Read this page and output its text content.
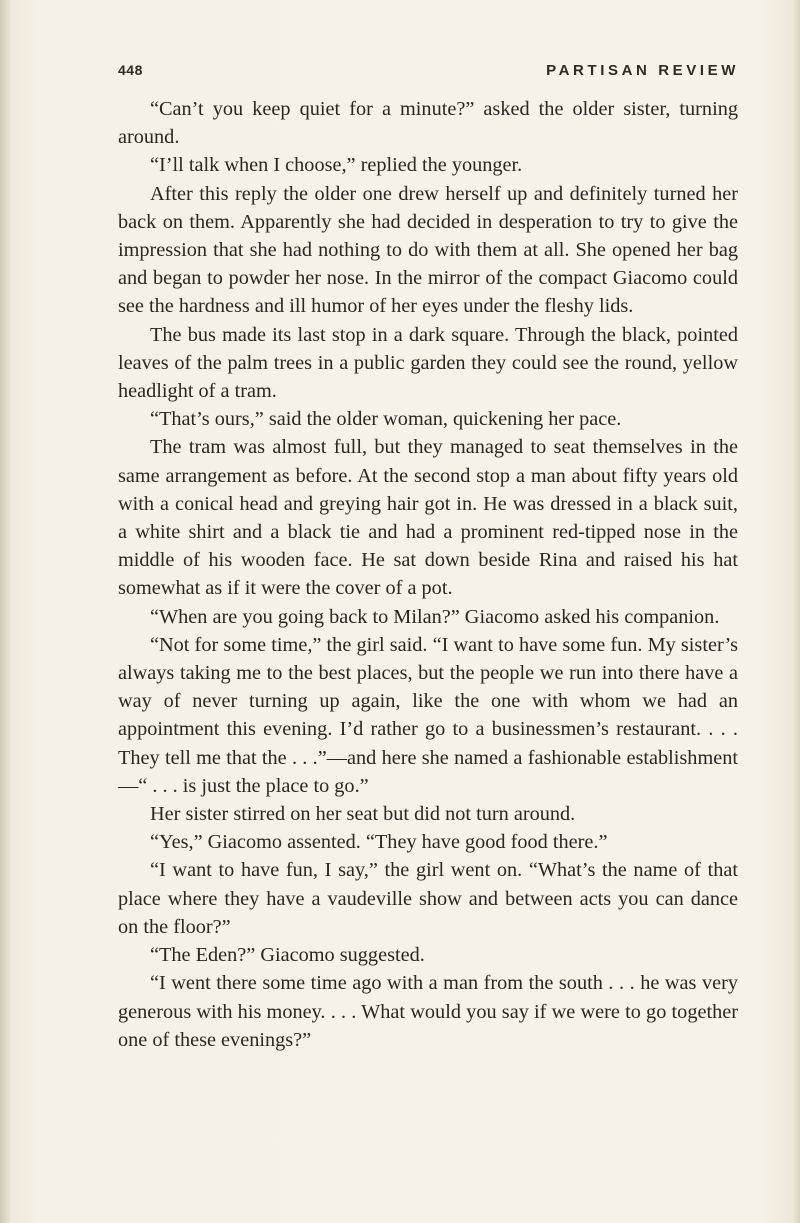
448	PARTISAN REVIEW

“Can’t you keep quiet for a minute?” asked the older sister, turning around.

“I’ll talk when I choose,” replied the younger.

After this reply the older one drew herself up and definitely turned her back on them. Apparently she had decided in desperation to try to give the impression that she had nothing to do with them at all. She opened her bag and began to powder her nose. In the mirror of the compact Giacomo could see the hardness and ill humor of her eyes under the fleshy lids.

The bus made its last stop in a dark square. Through the black, pointed leaves of the palm trees in a public garden they could see the round, yellow headlight of a tram.

“That’s ours,” said the older woman, quickening her pace.

The tram was almost full, but they managed to seat themselves in the same arrangement as before. At the second stop a man about fifty years old with a conical head and greying hair got in. He was dressed in a black suit, a white shirt and a black tie and had a prominent red-tipped nose in the middle of his wooden face. He sat down beside Rina and raised his hat somewhat as if it were the cover of a pot.

“When are you going back to Milan?” Giacomo asked his companion.

“Not for some time,” the girl said. “I want to have some fun. My sister’s always taking me to the best places, but the people we run into there have a way of never turning up again, like the one with whom we had an appointment this evening. I’d rather go to a businessmen’s restaurant. . . . They tell me that the . . .”—and here she named a fashionable establishment—“ . . . is just the place to go.”

Her sister stirred on her seat but did not turn around.

“Yes,” Giacomo assented. “They have good food there.”

“I want to have fun, I say,” the girl went on. “What’s the name of that place where they have a vaudeville show and between acts you can dance on the floor?”

“The Eden?” Giacomo suggested.

“I went there some time ago with a man from the south . . . he was very generous with his money. . . . What would you say if we were to go together one of these evenings?”
